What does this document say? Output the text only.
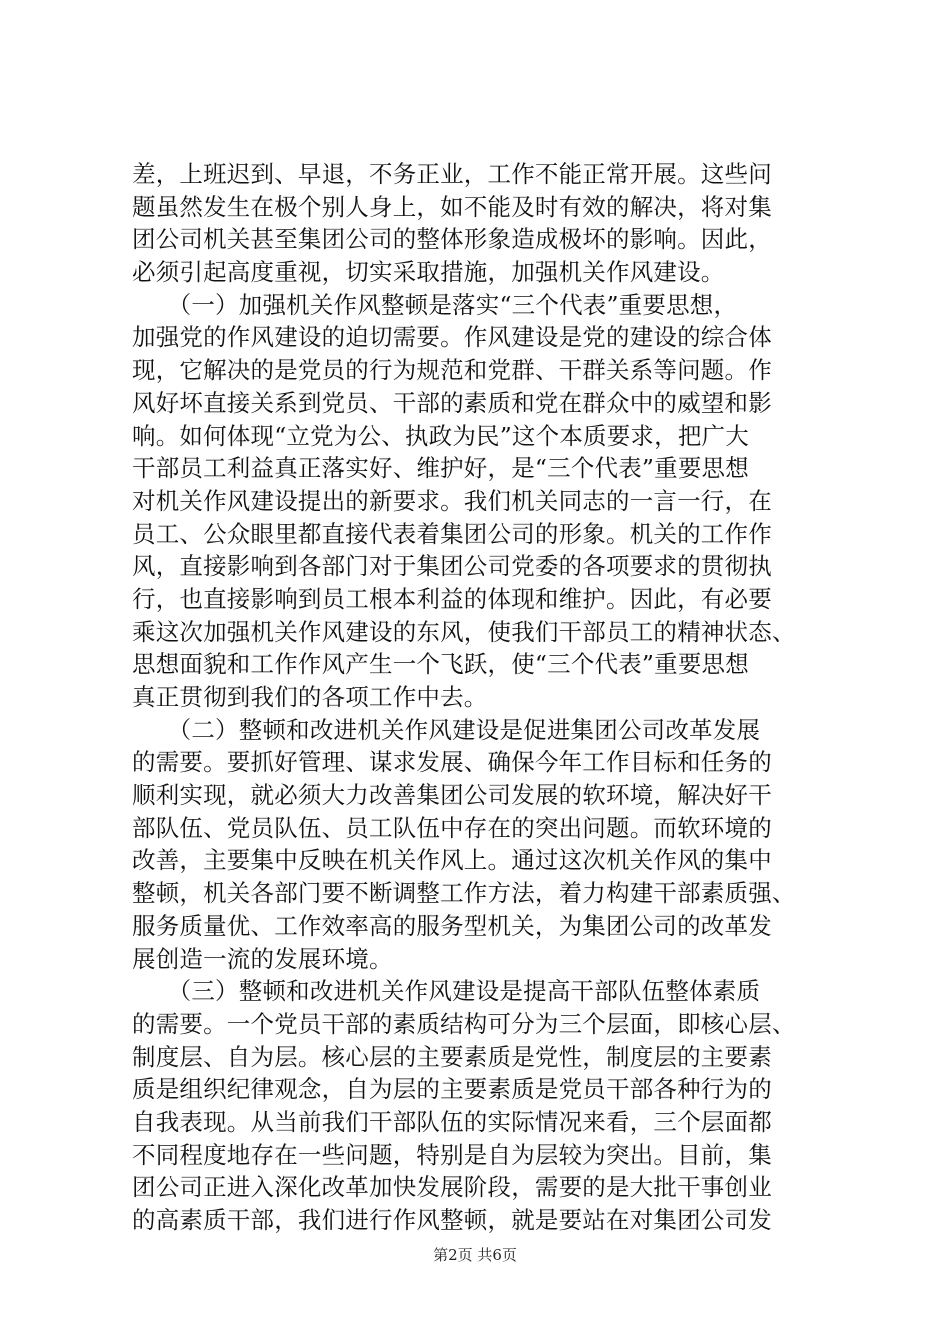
差，上班迟到、早退，不务正业，工作不能正常开展。这些问
题虽然发生在极个别人身上，如不能及时有效的解决，将对集
团公司机关甚至集团公司的整体形象造成极坏的影响。因此，
必须引起高度重视，切实采取措施，加强机关作风建设。
　　（一）加强机关作风整顿是落实“三个代表”重要思想，
加强党的作风建设的迫切需要。作风建设是党的建设的综合体
现，它解决的是党员的行为规范和党群、干群关系等问题。作
风好坏直接关系到党员、干部的素质和党在群众中的威望和影
响。如何体现“立党为公、执政为民”这个本质要求，把广大
干部员工利益真正落实好、维护好，是“三个代表”重要思想
对机关作风建设提出的新要求。我们机关同志的一言一行，在
员工、公众眼里都直接代表着集团公司的形象。机关的工作作
风，直接影响到各部门对于集团公司党委的各项要求的贯彻执
行，也直接影响到员工根本利益的体现和维护。因此，有必要
乘这次加强机关作风建设的东风，使我们干部员工的精神状态、
思想面貌和工作作风产生一个飞跃，使“三个代表”重要思想
真正贯彻到我们的各项工作中去。
　　（二）整顿和改进机关作风建设是促进集团公司改革发展
的需要。要抓好管理、谋求发展、确保今年工作目标和任务的
顺利实现，就必须大力改善集团公司发展的软环境，解决好干
部队伍、党员队伍、员工队伍中存在的突出问题。而软环境的
改善，主要集中反映在机关作风上。通过这次机关作风的集中
整顿，机关各部门要不断调整工作方法，着力构建干部素质强、
服务质量优、工作效率高的服务型机关，为集团公司的改革发
展创造一流的发展环境。
　　（三）整顿和改进机关作风建设是提高干部队伍整体素质
的需要。一个党员干部的素质结构可分为三个层面，即核心层、
制度层、自为层。核心层的主要素质是党性，制度层的主要素
质是组织纪律观念，自为层的主要素质是党员干部各种行为的
自我表现。从当前我们干部队伍的实际情况来看，三个层面都
不同程度地存在一些问题，特别是自为层较为突出。目前，集
团公司正进入深化改革加快发展阶段，需要的是大批干事创业
的高素质干部，我们进行作风整顿，就是要站在对集团公司发
第2页 共6页
